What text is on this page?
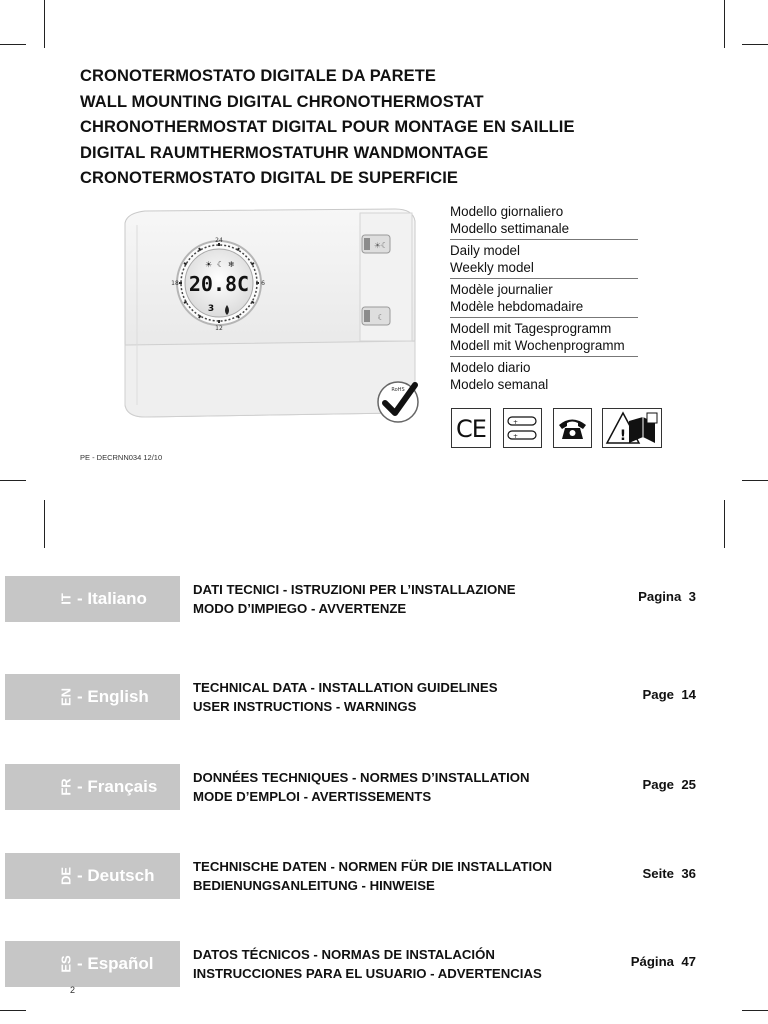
CRONOTERMOSTATO DIGITALE DA PARETE
WALL MOUNTING DIGITAL CHRONOTHERMOSTAT
CHRONOTHERMOSTAT DIGITAL POUR MONTAGE EN SAILLIE
DIGITAL RAUMTHERMOSTATUHR WANDMONTAGE
CRONOTERMOSTATO DIGITAL DE SUPERFICIE
☀☾
☾
24
12
18	6
☀ ☾ ❄
20.8C
3
RoHS
Modello giornaliero
Modello settimanale
Daily model
Weekly model
Modèle journalier
Modèle hebdomadaire
Modell mit Tagesprogramm
Modell mit Wochenprogramm
Modelo diario
Modelo semanal
CE	+
+	!
PE - DECRNN034 12/10
IT - Italiano	DATI TECNICI - ISTRUZIONI PER L’INSTALLAZIONE
MODO D’IMPIEGO - AVVERTENZE
Pagina 3
EN - English	TECHNICAL DATA - INSTALLATION GUIDELINES
USER INSTRUCTIONS - WARNINGS
Page 14
FR - Français	DONNÉES TECHNIQUES - NORMES D’INSTALLATION
MODE D’EMPLOI - AVERTISSEMENTS
Page 25
DE - Deutsch	TECHNISCHE DATEN - NORMEN FÜR DIE INSTALLATION
BEDIENUNGSANLEITUNG - HINWEISE
Seite 36
ES - Español	DATOS TÉCNICOS - NORMAS DE INSTALACIÓN
INSTRUCCIONES PARA EL USUARIO - ADVERTENCIAS
Página 47
2
